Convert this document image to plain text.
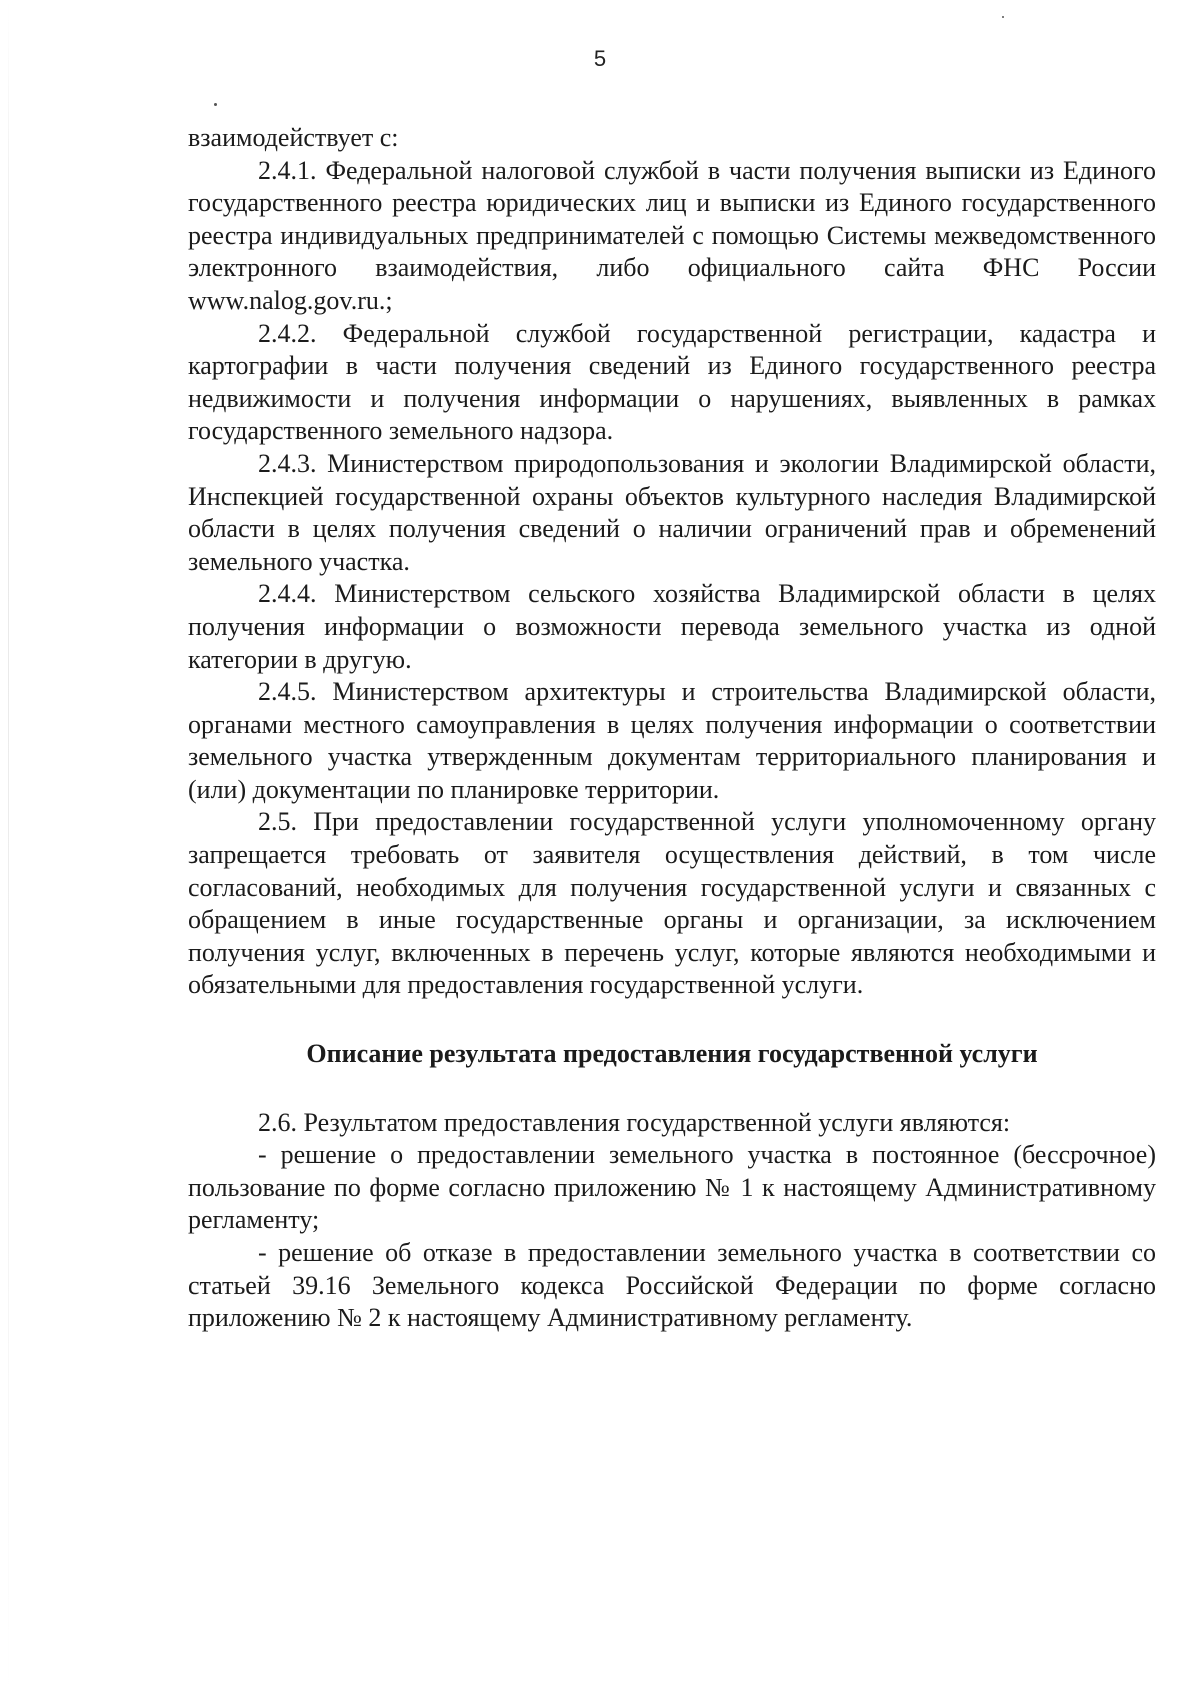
5

взаимодействует с:

2.4.1. Федеральной налоговой службой в части получения выписки из Единого государственного реестра юридических лиц и выписки из Единого государственного реестра индивидуальных предпринимателей с помощью Системы межведомственного электронного взаимодействия, либо официального сайта ФНС России www.nalog.gov.ru.;

2.4.2. Федеральной службой государственной регистрации, кадастра и картографии в части получения сведений из Единого государственного реестра недвижимости и получения информации о нарушениях, выявленных в рамках государственного земельного надзора.

2.4.3. Министерством природопользования и экологии Владимирской области, Инспекцией государственной охраны объектов культурного наследия Владимирской области в целях получения сведений о наличии ограничений прав и обременений земельного участка.

2.4.4. Министерством сельского хозяйства Владимирской области в целях получения информации о возможности перевода земельного участка из одной категории в другую.

2.4.5. Министерством архитектуры и строительства Владимирской области, органами местного самоуправления в целях получения информации о соответствии земельного участка утвержденным документам территориального планирования и (или) документации по планировке территории.

2.5. При предоставлении государственной услуги уполномоченному органу запрещается требовать от заявителя осуществления действий, в том числе согласований, необходимых для получения государственной услуги и связанных с обращением в иные государственные органы и организации, за исключением получения услуг, включенных в перечень услуг, которые являются необходимыми и обязательными для предоставления государственной услуги.

Описание результата предоставления государственной услуги

2.6. Результатом предоставления государственной услуги являются:

- решение о предоставлении земельного участка в постоянное (бессрочное) пользование по форме согласно приложению № 1 к настоящему Административному регламенту;

- решение об отказе в предоставлении земельного участка в соответствии со статьей 39.16 Земельного кодекса Российской Федерации по форме согласно приложению № 2 к настоящему Административному регламенту.
